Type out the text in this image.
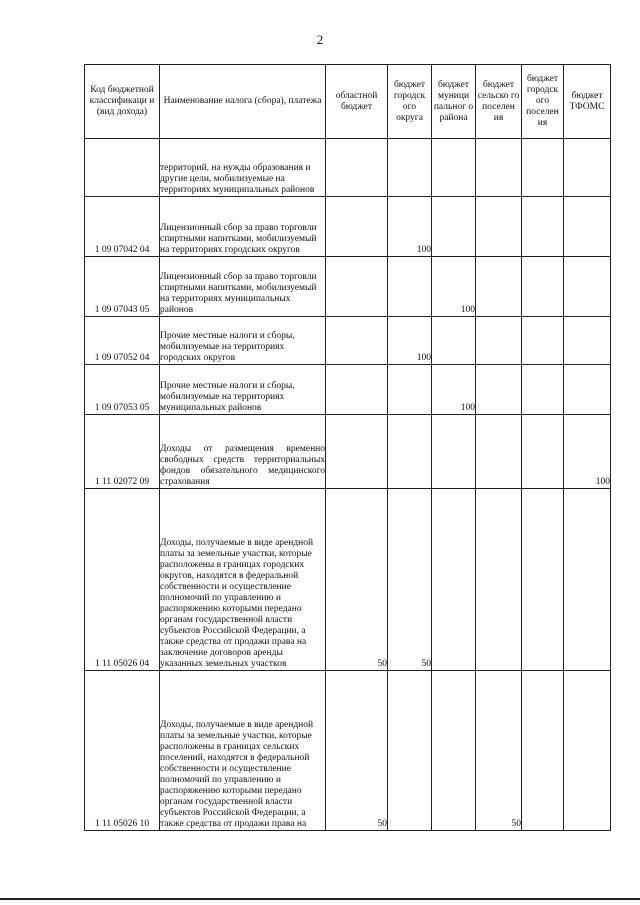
2
Код бюджетной классификаци и (вид дохода)	Наименование налога (сбора), платежа	областной бюджет	бюджет городск ого округа	бюджет муници пальног о района	бюджет сельско го поселен ия	бюджет городск ого поселен ия	бюджет ТФОМС
	территорий, на нужды образования и другие цели, мобилизуемые на территориях муниципальных районов						
1 09 07042 04	Лицензионный сбор за право торговли спиртными напитками, мобилизуемый на территориях городских округов		100				
1 09 07043 05	Лицензионный сбор за право торговли спиртными напитками, мобилизуемый на территориях муниципальных районов			100			
1 09 07052 04	Прочие местные налоги и сборы, мобилизуемые на территориях городских округов		100				
1 09 07053 05	Прочие местные налоги и сборы, мобилизуемые на территориях муниципальных районов			100			
1 11 02072 09	Доходы от размещения временно свободных средств территориальных фондов обязательного медицинского страхования						100
1 11 05026 04	Доходы, получаемые в виде арендной платы за земельные участки, которые расположены в границах городских округов, находятся в федеральной собственности и осуществление полномочий по управлению и распоряжению которыми передано органам государственной власти субъектов Российской Федерации, а также средства от продажи права на заключение договоров аренды указанных земельных участков	50	50				
1 11 05026 10	Доходы, получаемые в виде арендной платы за земельные участки, которые расположены в границах сельских поселений, находятся в федеральной собственности и осуществление полномочий по управлению и распоряжению которыми передано органам государственной власти субъектов Российской Федерации, а также средства от продажи права на	50			50		
